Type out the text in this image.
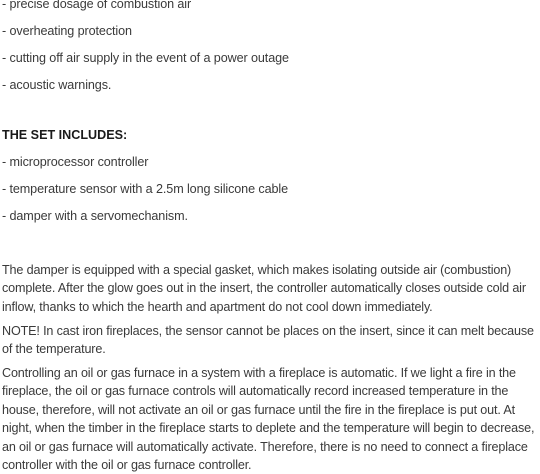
- precise dosage of combustion air
- overheating protection
- cutting off air supply in the event of a power outage
- acoustic warnings.
THE SET INCLUDES:
- microprocessor controller
- temperature sensor with a 2.5m long silicone cable
- damper with a servomechanism.
The damper is equipped with a special gasket, which makes isolating outside air (combustion) complete. After the glow goes out in the insert, the controller automatically closes outside cold air inflow, thanks to which the hearth and apartment do not cool down immediately.
NOTE! In cast iron fireplaces, the sensor cannot be places on the insert, since it can melt because of the temperature.
Controlling an oil or gas furnace in a system with a fireplace is automatic. If we light a fire in the fireplace, the oil or gas furnace controls will automatically record increased temperature in the house, therefore, will not activate an oil or gas furnace until the fire in the fireplace is put out. At night, when the timber in the fireplace starts to deplete and the temperature will begin to decrease, an oil or gas furnace will automatically activate. Therefore, there is no need to connect a fireplace controller with the oil or gas furnace controller.
